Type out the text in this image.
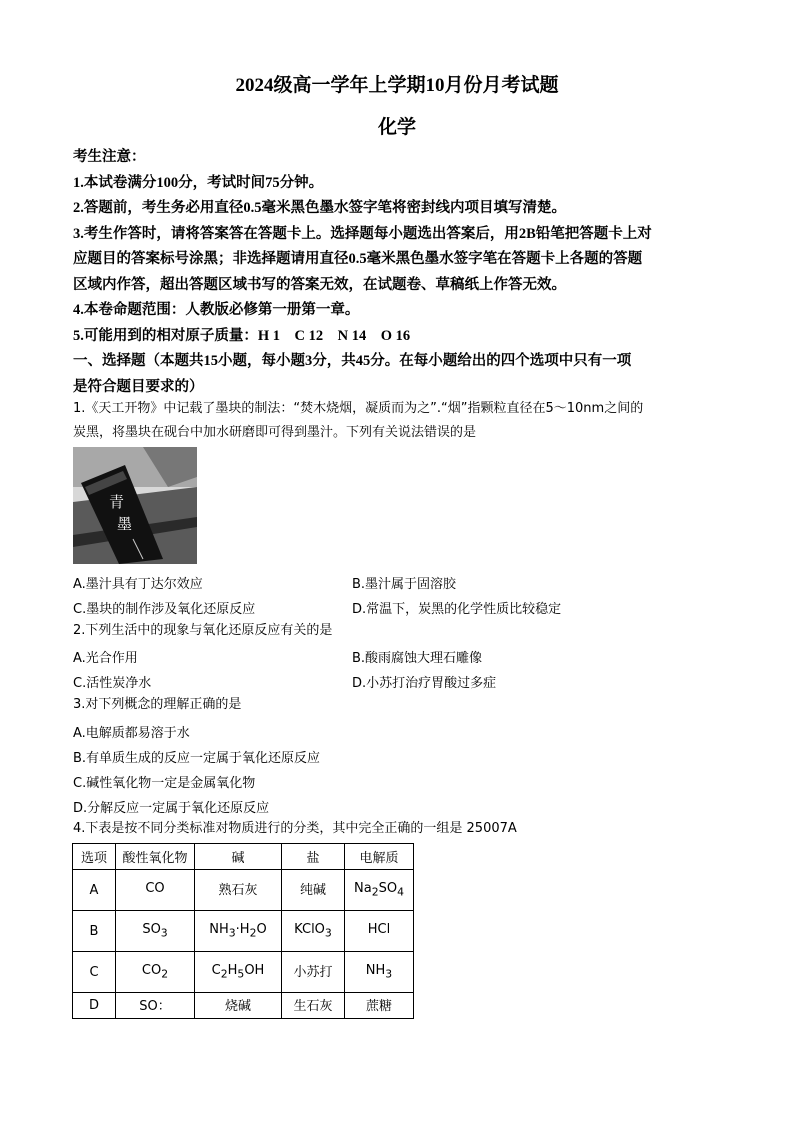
2024级高一学年上学期10月份月考试题
化学
考生注意：
1.本试卷满分100分，考试时间75分钟。
2.答题前，考生务必用直径0.5毫米黑色墨水签字笔将密封线内项目填写清楚。
3.考生作答时，请将答案答在答题卡上。选择题每小题选出答案后，用2B铅笔把答题卡上对
应题目的答案标号涂黑；非选择题请用直径0.5毫米黑色墨水签字笔在答题卡上各题的答题
区域内作答，超出答题区域书写的答案无效，在试题卷、草稿纸上作答无效。
4.本卷命题范围：人教版必修第一册第一章。
5.可能用到的相对原子质量：H 1　C 12　N 14　O 16
一、选择题（本题共15小题，每小题3分，共45分。在每小题给出的四个选项中只有一项
是符合题目要求的）
1.《天工开物》中记载了墨块的制法：“焚木烧烟，凝质而为之”.“烟”指颗粒直径在5～10nm之间的
炭黑，将墨块在砚台中加水研磨即可得到墨汁。下列有关说法错误的是
青
墨
A.墨汁具有丁达尔效应	B.墨汁属于固溶胶
C.墨块的制作涉及氧化还原反应	D.常温下，炭黑的化学性质比较稳定
2.下列生活中的现象与氧化还原反应有关的是
A.光合作用	B.酸雨腐蚀大理石雕像
C.活性炭净水	D.小苏打治疗胃酸过多症
3.对下列概念的理解正确的是
A.电解质都易溶于水
B.有单质生成的反应一定属于氧化还原反应
C.碱性氧化物一定是金属氧化物
D.分解反应一定属于氧化还原反应
4.下表是按不同分类标准对物质进行的分类，其中完全正确的一组是 25007A
选项	酸性氧化物	碱	盐	电解质
A	CO	熟石灰	纯碱	$Na_2SO_4$
B	$SO_3$	$NH_3\cdot H_2O$	KClO$_3$	HCl
C	$CO_2$	$C_2H_5OH$	小苏打	$NH_3$
D	SO：	烧碱	生石灰	蔗糖
